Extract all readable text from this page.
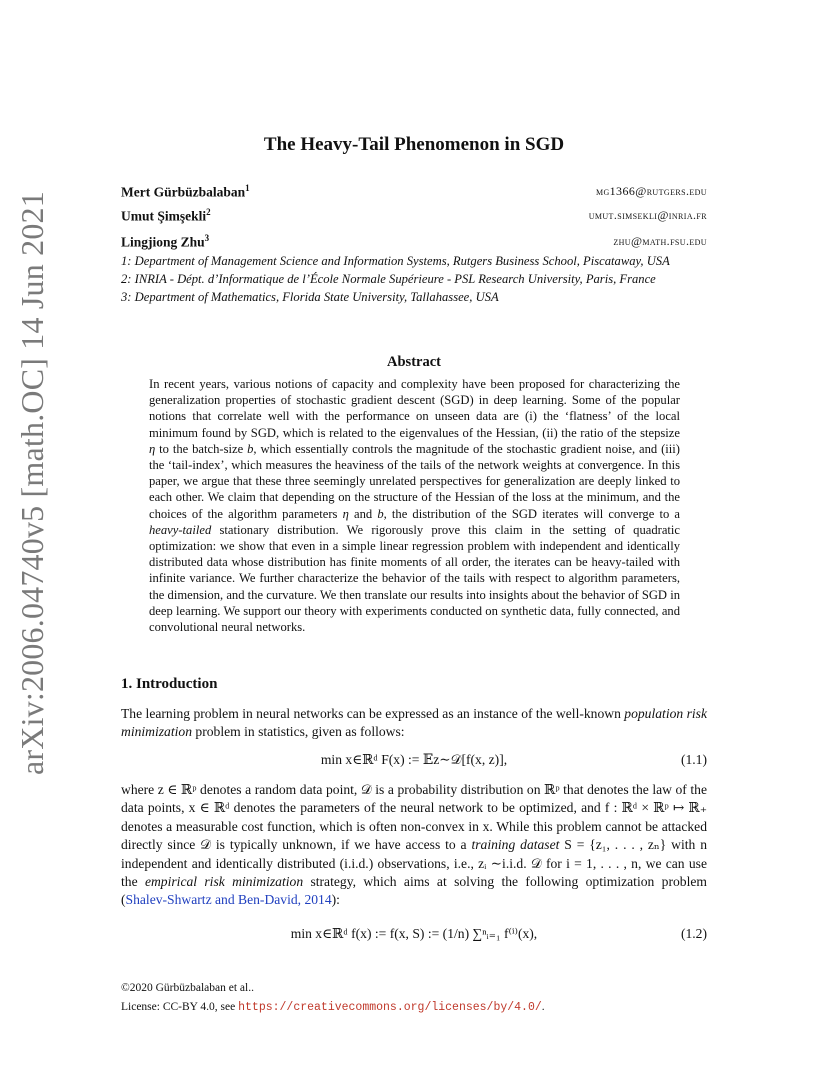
arXiv:2006.04740v5 [math.OC] 14 Jun 2021
The Heavy-Tail Phenomenon in SGD
Mert Gürbüzbalaban$^1$	mg1366@rutgers.edu
Umut Şimşekli$^2$	umut.simsekli@inria.fr
Lingjiong Zhu$^3$	zhu@math.fsu.edu
1: Department of Management Science and Information Systems, Rutgers Business School, Piscataway, USA
2: INRIA - Dépt. d’Informatique de l’École Normale Supérieure - PSL Research University, Paris, France
3: Department of Mathematics, Florida State University, Tallahassee, USA
Abstract

In recent years, various notions of capacity and complexity have been proposed for characterizing the generalization properties of stochastic gradient descent (SGD) in deep learning. Some of the popular notions that correlate well with the performance on unseen data are (i) the ‘flatness’ of the local minimum found by SGD, which is related to the eigenvalues of the Hessian, (ii) the ratio of the stepsize η to the batch-size b, which essentially controls the magnitude of the stochastic gradient noise, and (iii) the ‘tail-index’, which measures the heaviness of the tails of the network weights at convergence. In this paper, we argue that these three seemingly unrelated perspectives for generalization are deeply linked to each other. We claim that depending on the structure of the Hessian of the loss at the minimum, and the choices of the algorithm parameters η and b, the distribution of the SGD iterates will converge to a heavy-tailed stationary distribution. We rigorously prove this claim in the setting of quadratic optimization: we show that even in a simple linear regression problem with independent and identically distributed data whose distribution has finite moments of all order, the iterates can be heavy-tailed with infinite variance. We further characterize the behavior of the tails with respect to algorithm parameters, the dimension, and the curvature. We then translate our results into insights about the behavior of SGD in deep learning. We support our theory with experiments conducted on synthetic data, fully connected, and convolutional neural networks.

1. Introduction

The learning problem in neural networks can be expressed as an instance of the well-known population risk minimization problem in statistics, given as follows:

min x∈ℝᵈ F(x) := 𝔼z∼𝒟[f(x, z)],	(1.1)

where z ∈ ℝᵖ denotes a random data point, 𝒟 is a probability distribution on ℝᵖ that denotes the law of the data points, x ∈ ℝᵈ denotes the parameters of the neural network to be optimized, and f : ℝᵈ × ℝᵖ ↦ ℝ₊ denotes a measurable cost function, which is often non-convex in x. While this problem cannot be attacked directly since 𝒟 is typically unknown, if we have access to a training dataset S = {z₁, . . . , zₙ} with n independent and identically distributed (i.i.d.) observations, i.e., zᵢ ∼i.i.d. 𝒟 for i = 1, . . . , n, we can use the empirical risk minimization strategy, which aims at solving the following optimization problem (Shalev-Shwartz and Ben-David, 2014):

min x∈ℝᵈ f(x) := f(x, S) := (1/n) ∑ⁿᵢ₌₁ f⁽ⁱ⁾(x),	(1.2)
©2020 Gürbüzbalaban et al..
License: CC-BY 4.0, see https://creativecommons.org/licenses/by/4.0/.
